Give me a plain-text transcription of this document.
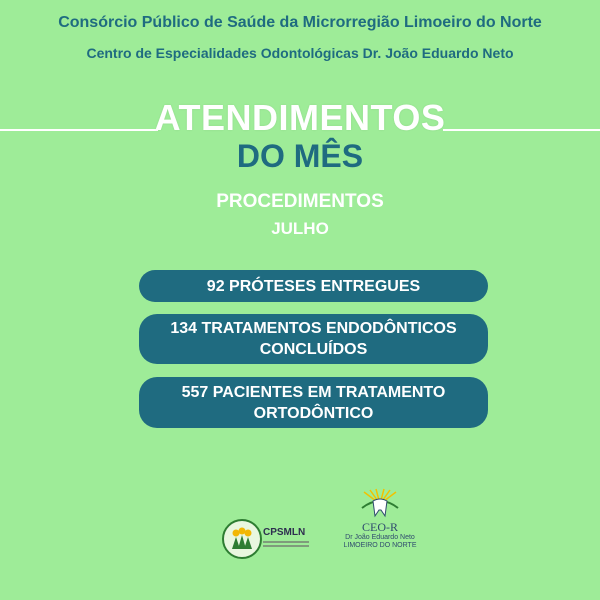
Consórcio Público de Saúde da Microrregião Limoeiro do Norte
Centro de Especialidades Odontológicas Dr. João Eduardo Neto
ATENDIMENTOS
DO MÊS
PROCEDIMENTOS
JULHO
92 PRÓTESES ENTREGUES
134 TRATAMENTOS ENDODÔNTICOS CONCLUÍDOS
557 PACIENTES EM TRATAMENTO ORTODÔNTICO
CPSMLN	CEO-R
Dr João Eduardo Neto
LIMOEIRO DO NORTE
